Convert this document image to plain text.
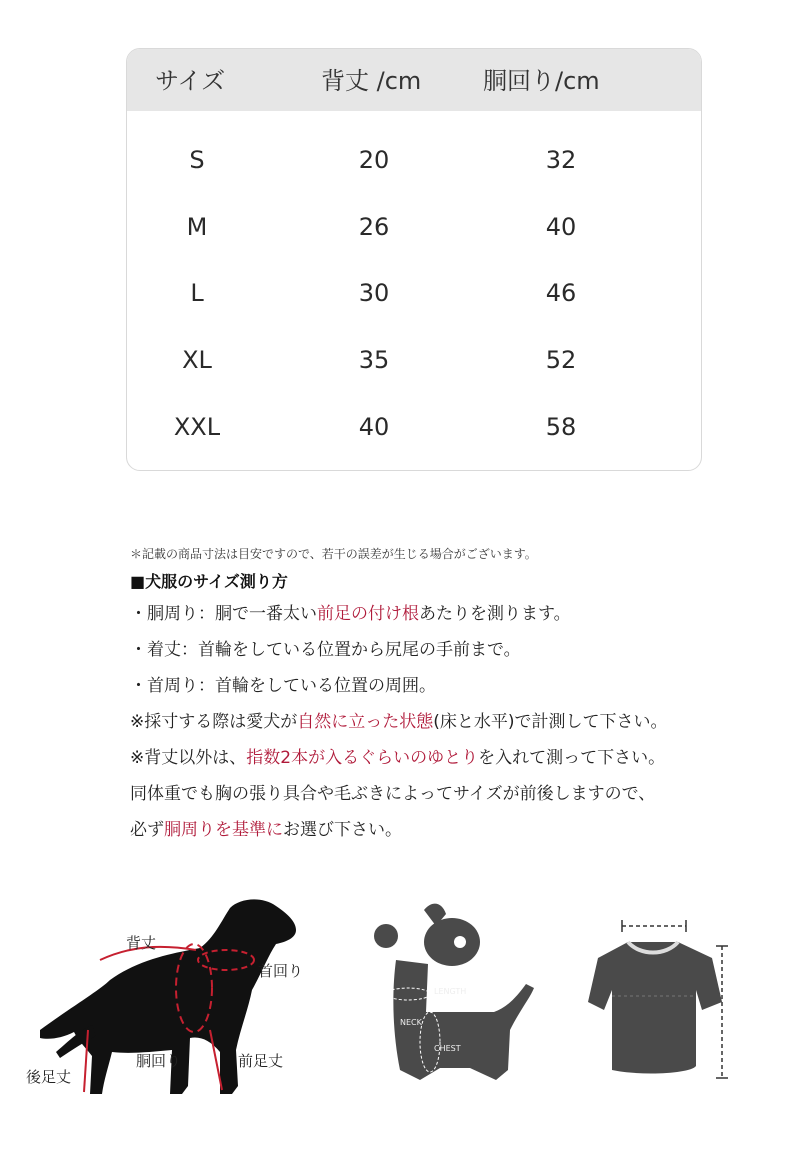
サイズ	背丈 /cm	胴回り/cm
S	20	32
M	26	40
L	30	46
XL	35	52
XXL	40	58
＊記載の商品寸法は目安ですので、若干の誤差が生じる場合がございます。
■犬服のサイズ測り方
・胴周り：胴で一番太い前足の付け根あたりを測ります。
・着丈：首輪をしている位置から尻尾の手前まで。
・首周り：首輪をしている位置の周囲。
※採寸する際は愛犬が自然に立った状態(床と水平)で計測して下さい。
※背丈以外は、指数2本が入るぐらいのゆとりを入れて測って下さい。
同体重でも胸の張り具合や毛ぶきによってサイズが前後しますので、
必ず胴周りを基準にお選び下さい。
背丈
首回り
胴回り	前足丈
後足丈
LENGTH
NECK
CHEST
kenko
